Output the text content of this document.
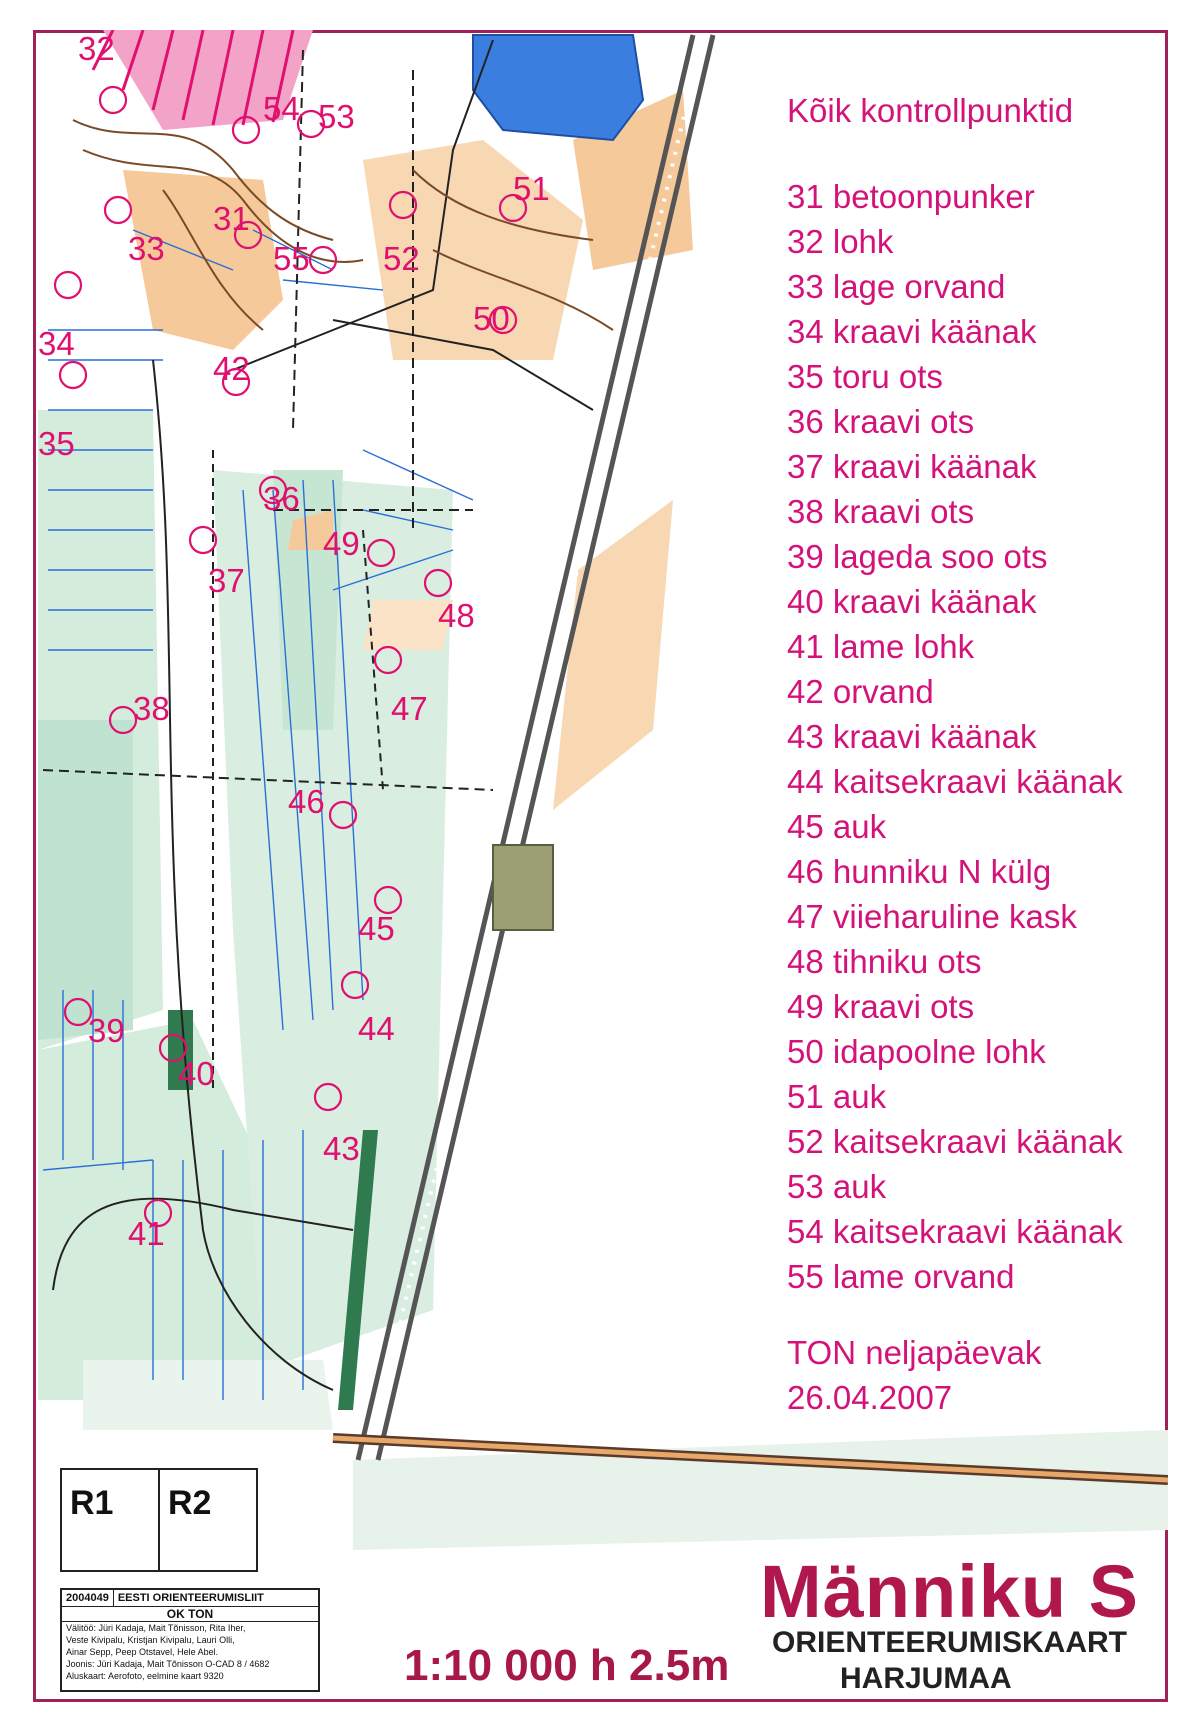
31
32
33
34
35
36
37
38
39
40
41
42
43
44
45
46
47
48
49
50
51
52
53
54
55
Kõik kontrollpunktid
31 betoonpunker
32 lohk
33 lage orvand
34 kraavi käänak
35 toru ots
36 kraavi ots
37 kraavi käänak
38 kraavi ots
39 lageda soo ots
40 kraavi käänak
41 lame lohk
42 orvand
43 kraavi käänak
44 kaitsekraavi käänak
45 auk
46 hunniku N külg
47 viieharuline kask
48 tihniku ots
49 kraavi ots
50 idapoolne lohk
51 auk
52 kaitsekraavi käänak
53 auk
54 kaitsekraavi käänak
55 lame orvand
TON neljapäevak
26.04.2007
R1	R2
2004049 EESTI ORIENTEERUMISLIIT
OK TON
Välitöö: Jüri Kadaja, Mait Tõnisson, Rita Iher,
Veste Kivipalu, Kristjan Kivipalu, Lauri Olli,
Ainar Sepp, Peep Otstavel, Hele Abel.
Joonis: Jüri Kadaja, Mait Tõnisson O-CAD 8 / 4682
Aluskaart: Aerofoto, eelmine kaart 9320	1:10 000 h 2.5m
Männiku S
ORIENTEERUMISKAART
HARJUMAA
